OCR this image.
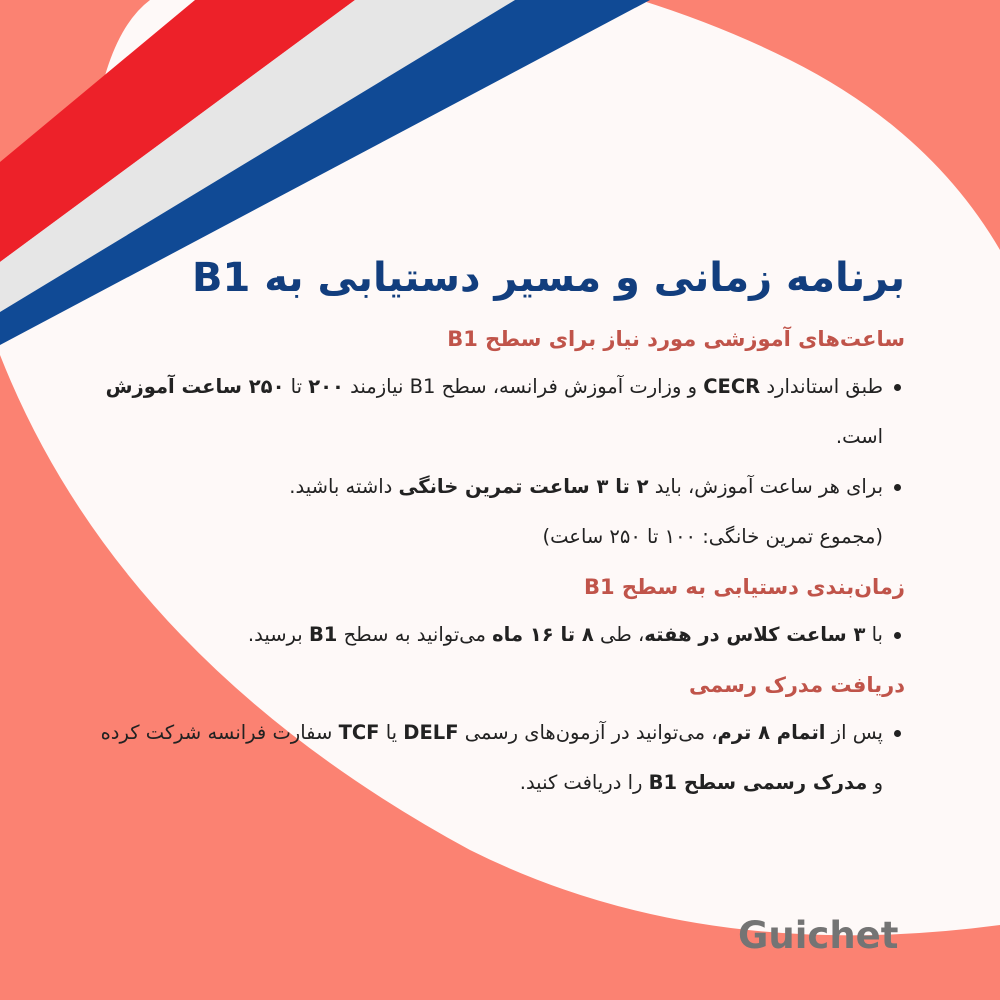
برنامه زمانی و مسیر دستیابی به B1
ساعت‌های آموزشی مورد نیاز برای سطح B1
طبق استاندارد CECR و وزارت آموزش فرانسه، سطح B1 نیازمند ۲۰۰ تا ۲۵۰ ساعت آموزش است.
برای هر ساعت آموزش، باید ۲ تا ۳ ساعت تمرین خانگی داشته باشید.
(مجموع تمرین خانگی: ۱۰۰ تا ۲۵۰ ساعت)
زمان‌بندی دستیابی به سطح B1
با ۳ ساعت کلاس در هفته، طی ۸ تا ۱۶ ماه می‌توانید به سطح B1 برسید.
دریافت مدرک رسمی
پس از اتمام ۸ ترم، می‌توانید در آزمون‌های رسمی DELF یا TCF سفارت فرانسه شرکت کرده و مدرک رسمی سطح B1 را دریافت کنید.
Guichet
